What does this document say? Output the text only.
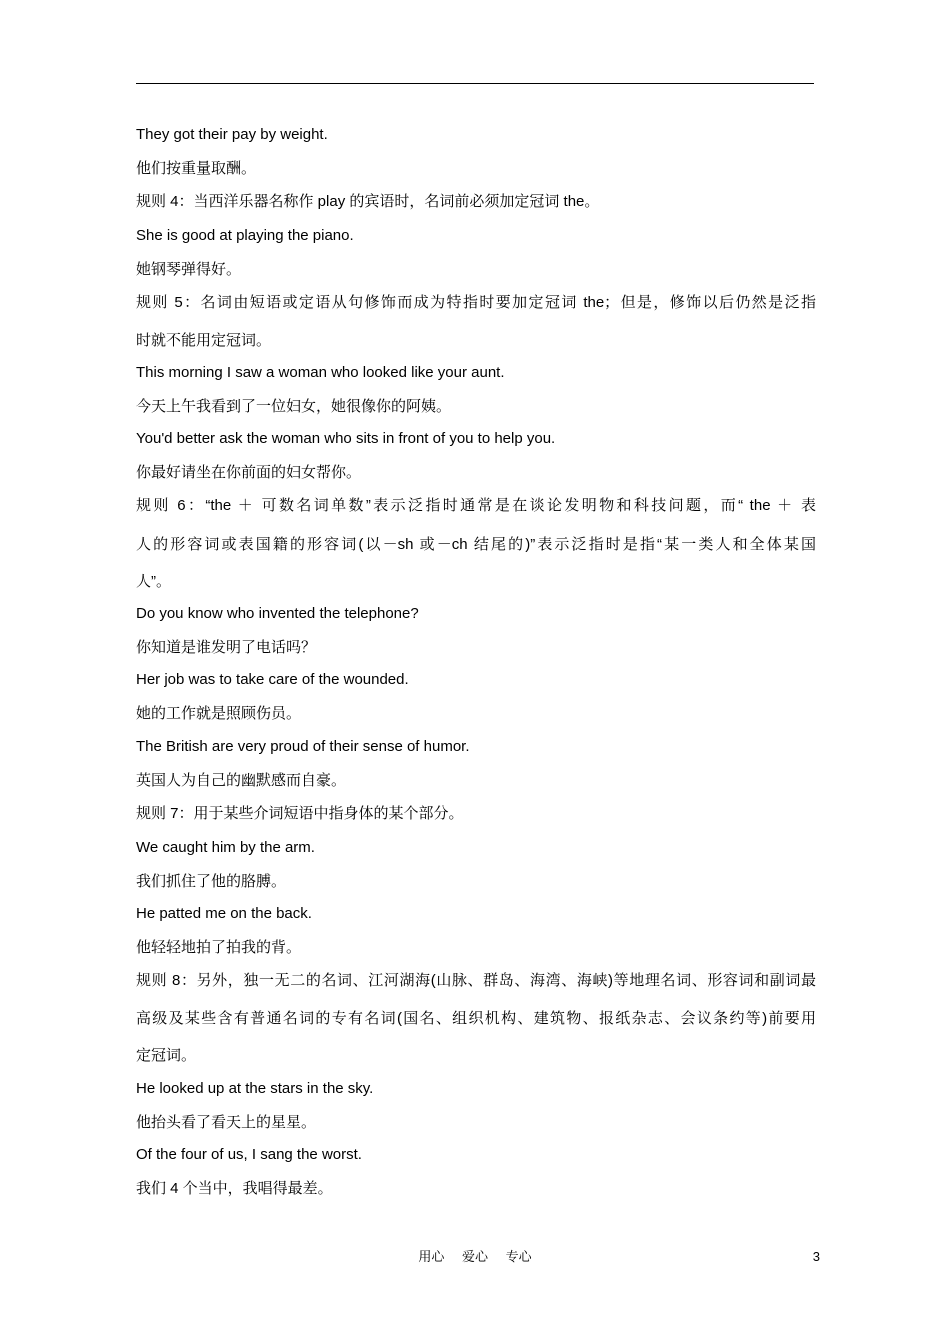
They got their pay by weight.
他们按重量取酬。
规则 4：当西洋乐器名称作 play 的宾语时，名词前必须加定冠词 the。
She is good at playing the piano.
她钢琴弹得好。
规则 5：名词由短语或定语从句修饰而成为特指时要加定冠词 the；但是，修饰以后仍然是泛指
时就不能用定冠词。
This morning I saw a woman who looked like your aunt.
今天上午我看到了一位妇女，她很像你的阿姨。
You'd better ask the woman who sits in front of you to help you.
你最好请坐在你前面的妇女帮你。
规则 6：“the ＋ 可数名词单数”表示泛指时通常是在谈论发明物和科技问题，而“ the ＋ 表
人的形容词或表国籍的形容词(以－sh 或－ch 结尾的)”表示泛指时是指“某一类人和全体某国
人”。
Do you know who invented the telephone?
你知道是谁发明了电话吗？
Her job was to take care of the wounded.
她的工作就是照顾伤员。
The British are very proud of their sense of humor.
英国人为自己的幽默感而自豪。
规则 7：用于某些介词短语中指身体的某个部分。
We caught him by the arm.
我们抓住了他的胳膊。
He patted me on the back.
他轻轻地拍了拍我的背。
规则 8：另外，独一无二的名词、江河湖海(山脉、群岛、海湾、海峡)等地理名词、形容词和副词最
高级及某些含有普通名词的专有名词(国名、组织机构、建筑物、报纸杂志、会议条约等)前要用
定冠词。
He looked up at the stars in the sky.
他抬头看了看天上的星星。
Of the four of us, I sang the worst.
我们 4 个当中，我唱得最差。
用心 爱心 专心	3
